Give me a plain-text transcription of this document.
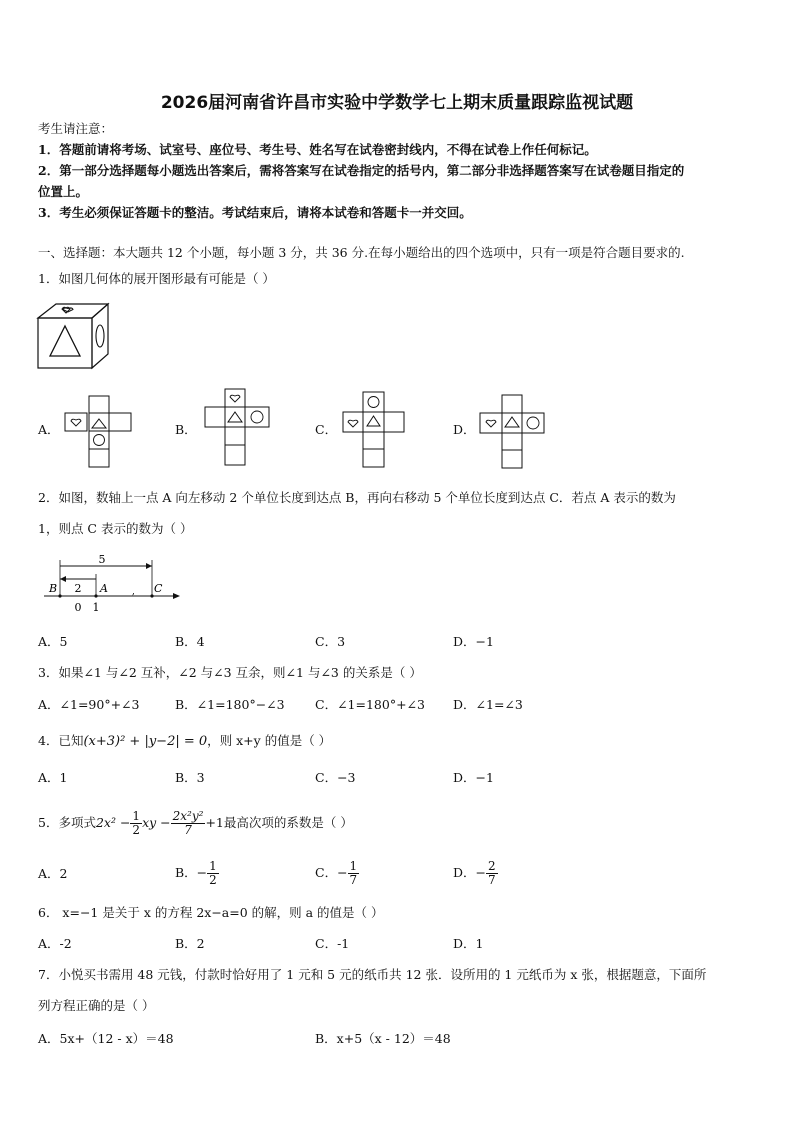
2026届河南省许昌市实验中学数学七上期末质量跟踪监视试题
考生请注意：
1．答题前请将考场、试室号、座位号、考生号、姓名写在试卷密封线内，不得在试卷上作任何标记。
2．第一部分选择题每小题选出答案后，需将答案写在试卷指定的括号内，第二部分非选择题答案写在试卷题目指定的
位置上。
3．考生必须保证答题卡的整洁。考试结束后，请将本试卷和答题卡一并交回。
一、选择题：本大题共 12 个小题，每小题 3 分，共 36 分.在每小题给出的四个选项中，只有一项是符合题目要求的.
1．如图几何体的展开图形最有可能是（ ）
A．	B．	C．	D．
2．如图，数轴上一点 A 向左移动 2 个单位长度到达点 B，再向右移动 5 个单位长度到达点 C．若点 A 表示的数为
1，则点 C 表示的数为（ ）
5
2	,
B	A	C
0 1
A．5	B．4	C．3	D．−1
3．如果∠1 与∠2 互补，∠2 与∠3 互余，则∠1 与∠3 的关系是（ ）
A．∠1=90°+∠3	B．∠1=180°−∠3 C．∠1=180°+∠3 D．∠1=∠3
4．已知(x+3)² + |y−2| = 0，则 x+y 的值是（ ）
A．1	B．3	C．−3	D．−1
5．多项式$2x^2 - \frac{1}{2}$ xy − $\frac{\text{2x²y²}}{7} +1$最高次项的系数是（ ）
A．2	B．− $\frac{1}{2}$	C．− $\frac{1}{7}$	D．− $\frac{2}{7}$
6． x=−1 是关于 x 的方程 2x−a=0 的解，则 a 的值是（ ）
A．-2	B．2	C．-1	D．1
7．小悦买书需用 48 元钱，付款时恰好用了 1 元和 5 元的纸币共 12 张．设所用的 1 元纸币为 x 张，根据题意，下面所
列方程正确的是（ ）
A．5x+（12 - x）＝48	B．x+5（x - 12）＝48
